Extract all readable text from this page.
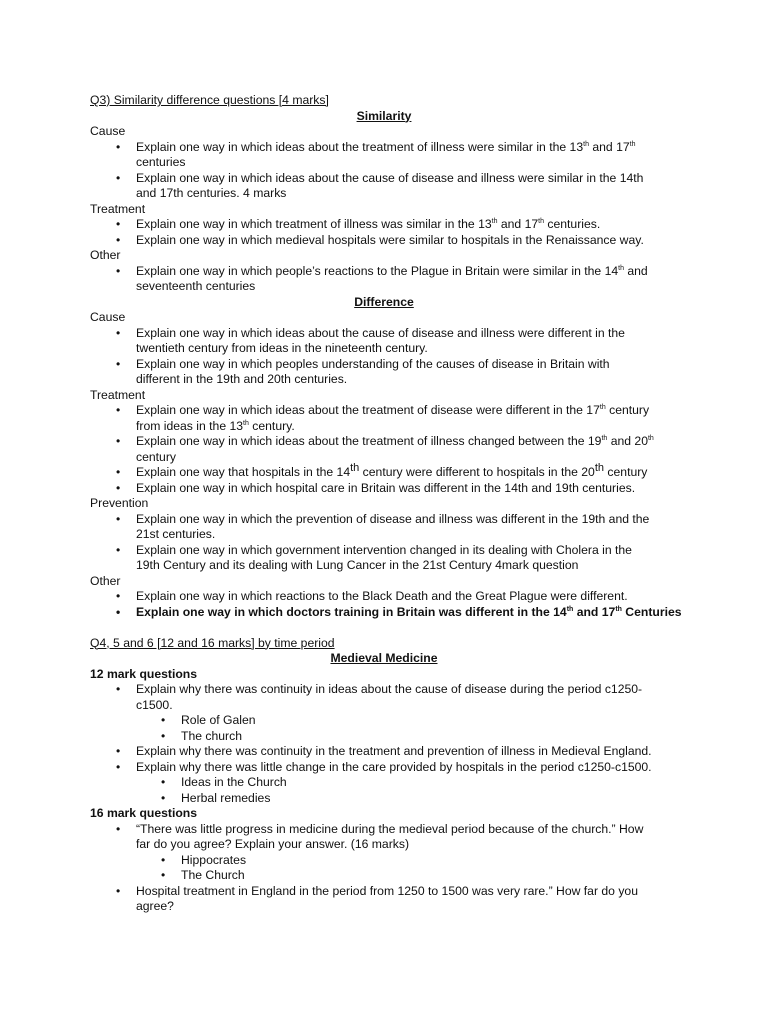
Q3) Similarity difference questions [4 marks]
Similarity
Cause
• Explain one way in which ideas about the treatment of illness were similar in the 13th and 17th
centuries
• Explain one way in which ideas about the cause of disease and illness were similar in the 14th
and 17th centuries. 4 marks
Treatment
• Explain one way in which treatment of illness was similar in the 13th and 17th centuries.
• Explain one way in which medieval hospitals were similar to hospitals in the Renaissance way.
Other
• Explain one way in which people’s reactions to the Plague in Britain were similar in the 14th and
seventeenth centuries
Difference
Cause
• Explain one way in which ideas about the cause of disease and illness were different in the
twentieth century from ideas in the nineteenth century.
• Explain one way in which peoples understanding of the causes of disease in Britain with
different in the 19th and 20th centuries.
Treatment
• Explain one way in which ideas about the treatment of disease were different in the 17th century
from ideas in the 13th century.
• Explain one way in which ideas about the treatment of illness changed between the 19th and 20th
century
• Explain one way that hospitals in the 14th century were different to hospitals in the 20th century
• Explain one way in which hospital care in Britain was different in the 14th and 19th centuries.
Prevention
• Explain one way in which the prevention of disease and illness was different in the 19th and the
21st centuries.
• Explain one way in which government intervention changed in its dealing with Cholera in the
19th Century and its dealing with Lung Cancer in the 21st Century 4mark question
Other
• Explain one way in which reactions to the Black Death and the Great Plague were different.
• Explain one way in which doctors training in Britain was different in the 14th and 17th Centuries
Q4, 5 and 6 [12 and 16 marks] by time period
Medieval Medicine
12 mark questions
• Explain why there was continuity in ideas about the cause of disease during the period c1250-
c1500.
• Role of Galen
• The church
• Explain why there was continuity in the treatment and prevention of illness in Medieval England.
• Explain why there was little change in the care provided by hospitals in the period c1250-c1500.
• Ideas in the Church
• Herbal remedies
16 mark questions
• “There was little progress in medicine during the medieval period because of the church.” How
far do you agree? Explain your answer. (16 marks)
• Hippocrates
• The Church
• Hospital treatment in England in the period from 1250 to 1500 was very rare.” How far do you
agree?
